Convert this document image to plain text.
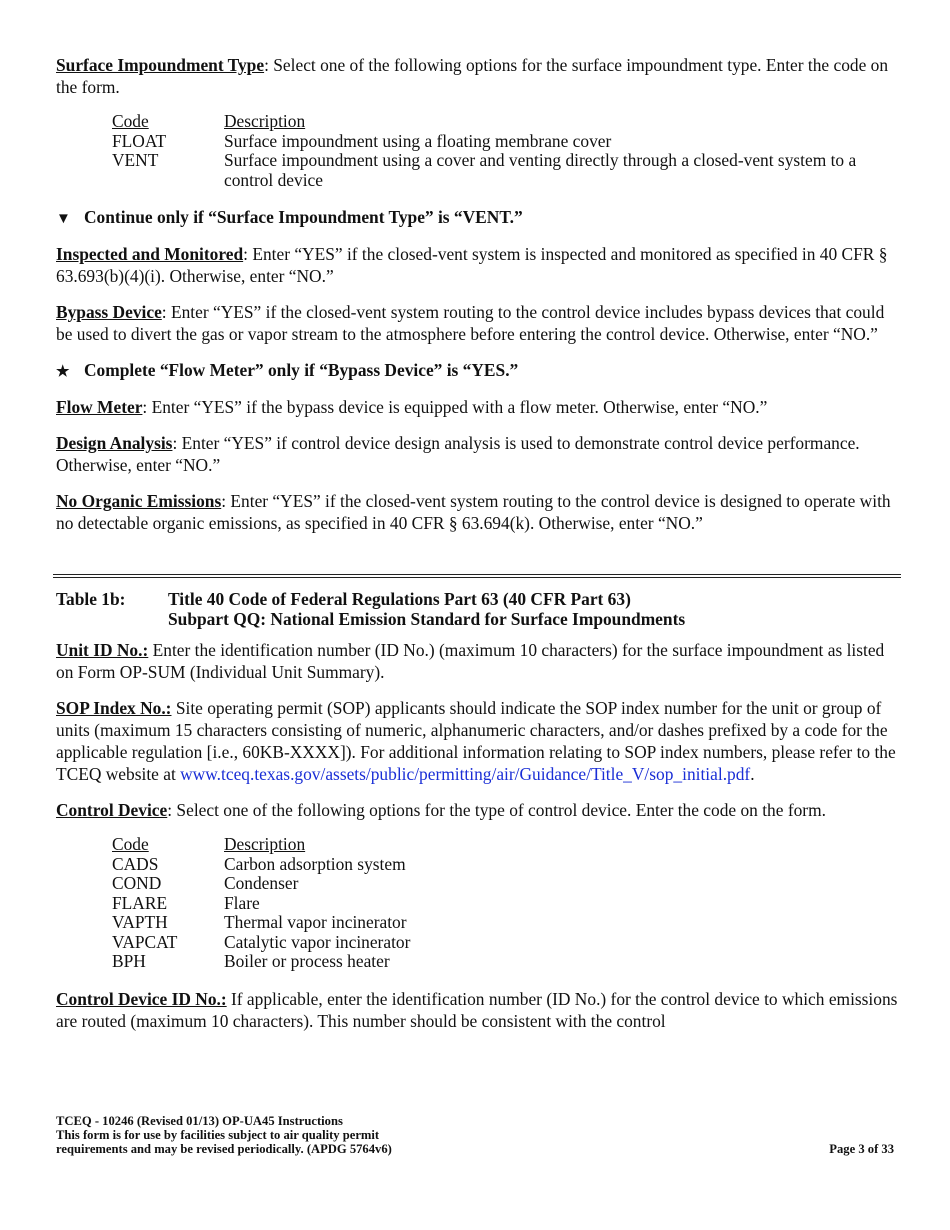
Surface Impoundment Type: Select one of the following options for the surface impoundment type. Enter the code on the form.

Code	Description
FLOAT	Surface impoundment using a floating membrane cover
VENT	Surface impoundment using a cover and venting directly through a closed-vent system to a control device
▼ Continue only if “Surface Impoundment Type” is “VENT.”

Inspected and Monitored: Enter “YES” if the closed-vent system is inspected and monitored as specified in 40 CFR § 63.693(b)(4)(i). Otherwise, enter “NO.”

Bypass Device: Enter “YES” if the closed-vent system routing to the control device includes bypass devices that could be used to divert the gas or vapor stream to the atmosphere before entering the control device. Otherwise, enter “NO.”

★ Complete “Flow Meter” only if “Bypass Device” is “YES.”

Flow Meter: Enter “YES” if the bypass device is equipped with a flow meter. Otherwise, enter “NO.”

Design Analysis: Enter “YES” if control device design analysis is used to demonstrate control device performance. Otherwise, enter “NO.”

No Organic Emissions: Enter “YES” if the closed-vent system routing to the control device is designed to operate with no detectable organic emissions, as specified in 40 CFR § 63.694(k). Otherwise, enter “NO.”

Table 1b:	Title 40 Code of Federal Regulations Part 63 (40 CFR Part 63)
Subpart QQ: National Emission Standard for Surface Impoundments

Unit ID No.: Enter the identification number (ID No.) (maximum 10 characters) for the surface impoundment as listed on Form OP-SUM (Individual Unit Summary).

SOP Index No.: Site operating permit (SOP) applicants should indicate the SOP index number for the unit or group of units (maximum 15 characters consisting of numeric, alphanumeric characters, and/or dashes prefixed by a code for the applicable regulation [i.e., 60KB-XXXX]). For additional information relating to SOP index numbers, please refer to the TCEQ website at www.tceq.texas.gov/assets/public/permitting/air/Guidance/Title_V/sop_initial.pdf.

Control Device: Select one of the following options for the type of control device. Enter the code on the form.

Code	Description
CADS	Carbon adsorption system
COND	Condenser
FLARE	Flare
VAPTH	Thermal vapor incinerator
VAPCAT	Catalytic vapor incinerator
BPH	Boiler or process heater

Control Device ID No.: If applicable, enter the identification number (ID No.) for the control device to which emissions are routed (maximum 10 characters). This number should be consistent with the control

TCEQ - 10246 (Revised 01/13) OP-UA45 Instructions
This form is for use by facilities subject to air quality permit
requirements and may be revised periodically. (APDG 5764v6)	Page 3 of 33
